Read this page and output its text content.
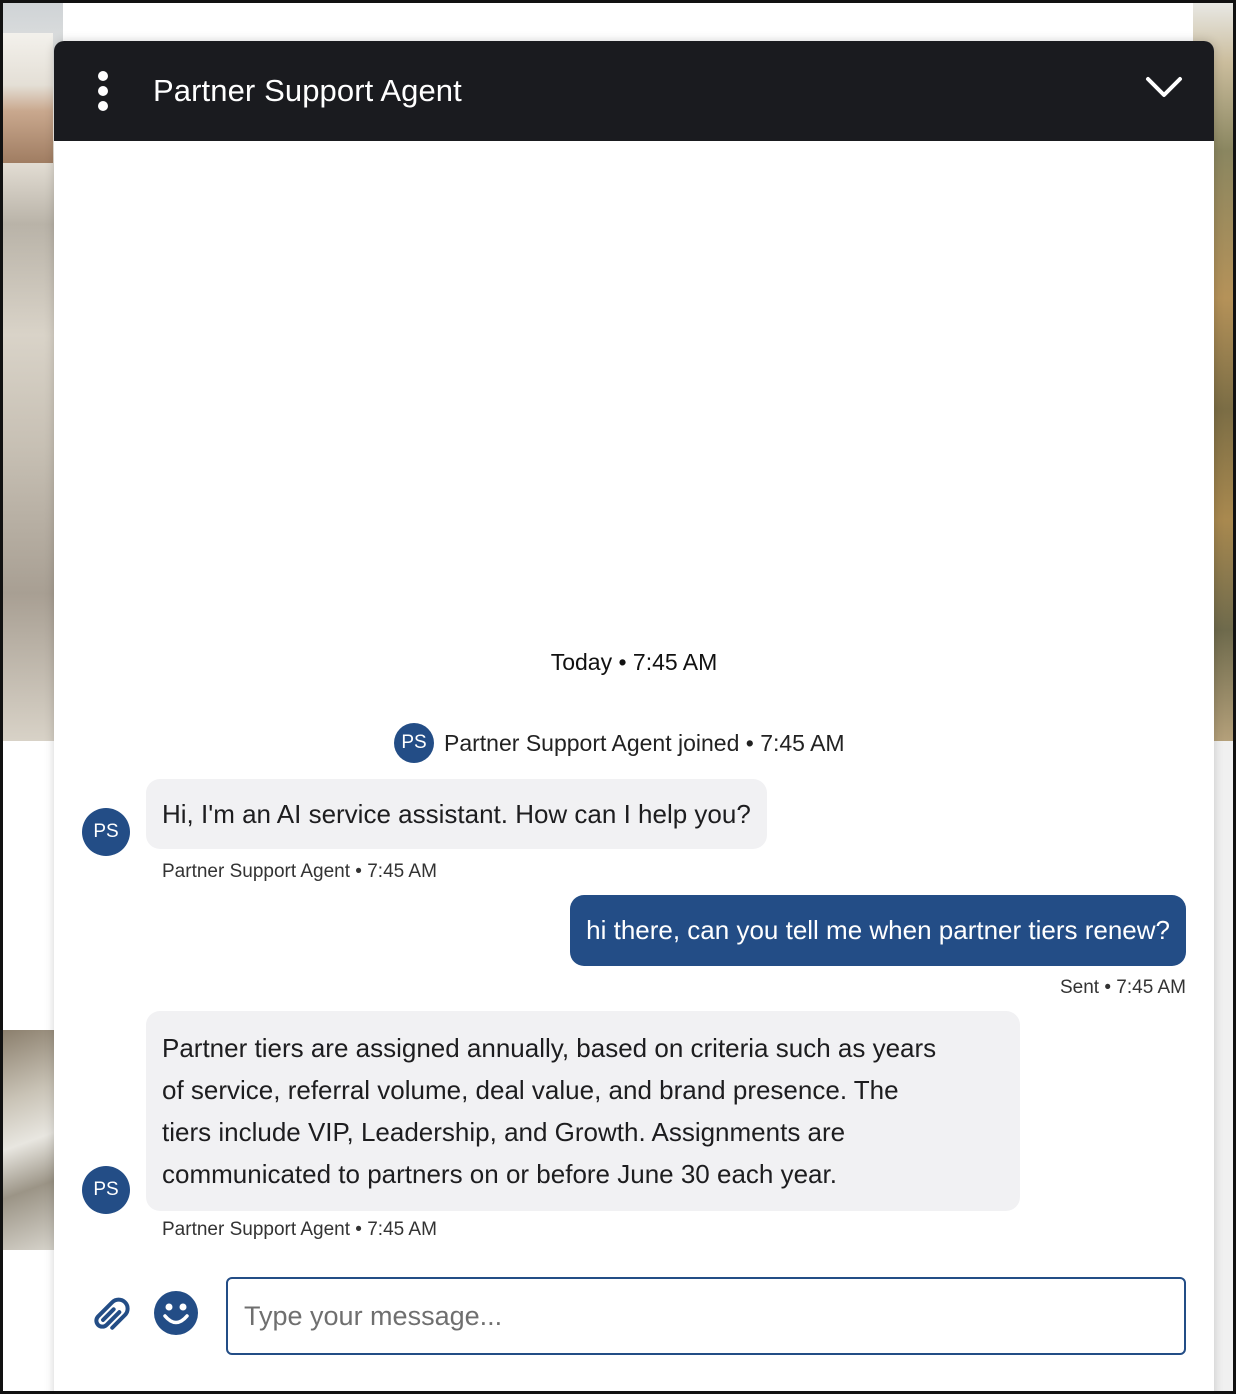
Partner Support Agent
Today • 7:45 AM
PS Partner Support Agent joined • 7:45 AM
PS
Hi, I'm an AI service assistant. How can I help you?
Partner Support Agent • 7:45 AM
hi there, can you tell me when partner tiers renew?
Sent • 7:45 AM
PS
Partner tiers are assigned annually, based on criteria such as years
of service, referral volume, deal value, and brand presence. The
tiers include VIP, Leadership, and Growth. Assignments are
communicated to partners on or before June 30 each year.
Partner Support Agent • 7:45 AM
Type your message...
